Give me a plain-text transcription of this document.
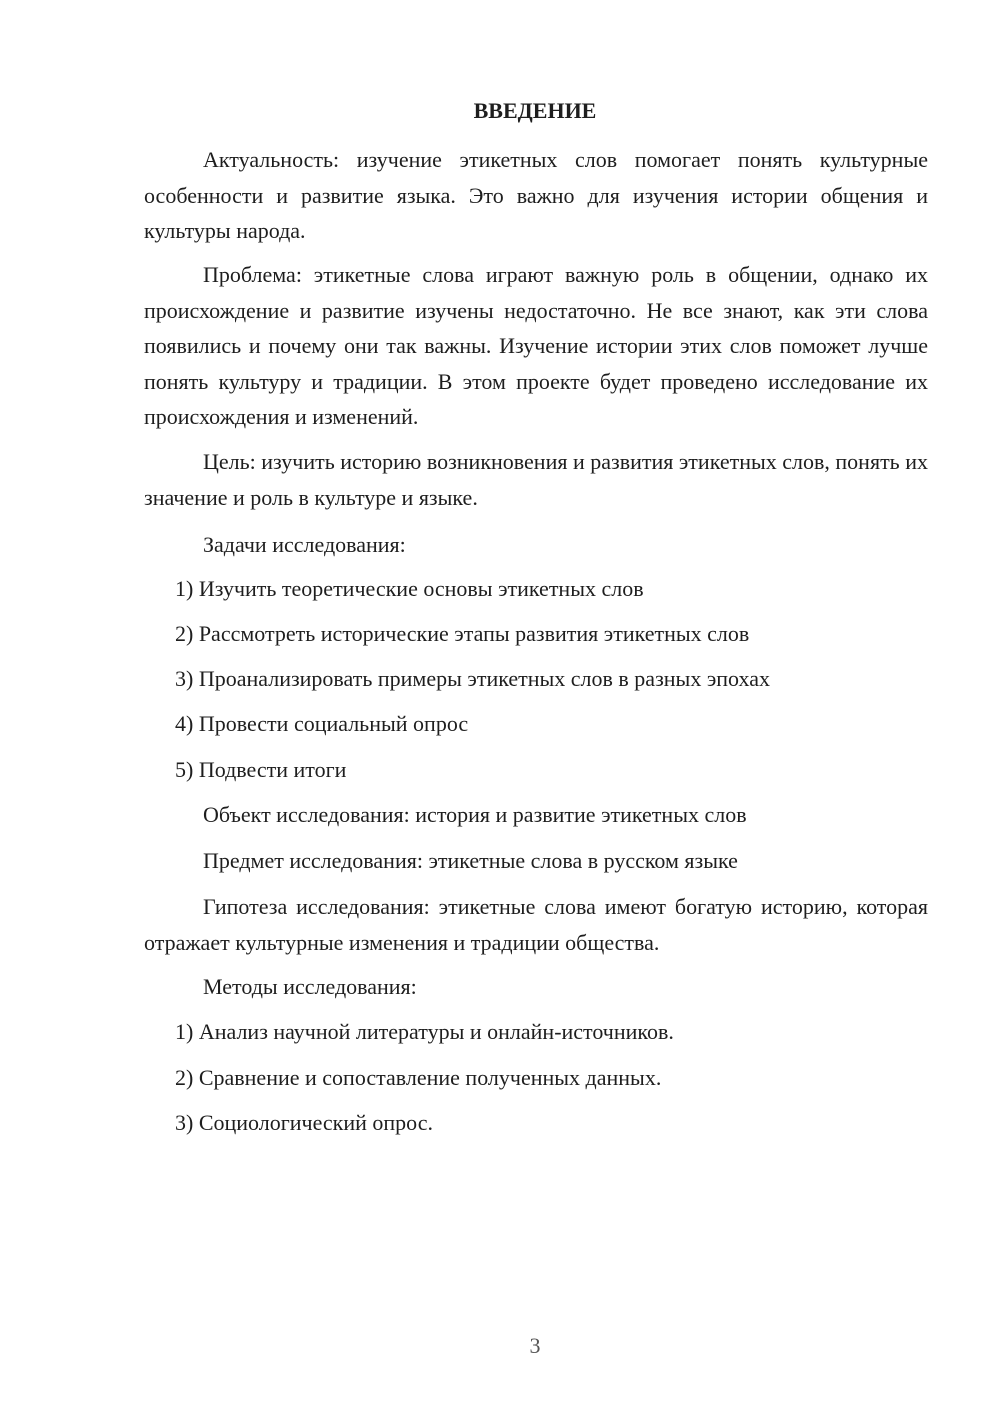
ВВЕДЕНИЕ

Актуальность: изучение этикетных слов помогает понять культурные особенности и развитие языка. Это важно для изучения истории общения и культуры народа.

Проблема: этикетные слова играют важную роль в общении, однако их происхождение и развитие изучены недостаточно. Не все знают, как эти слова появились и почему они так важны. Изучение истории этих слов поможет лучше понять культуру и традиции. В этом проекте будет проведено исследование их происхождения и изменений.

Цель: изучить историю возникновения и развития этикетных слов, понять их значение и роль в культуре и языке.

Задачи исследования:

1) Изучить теоретические основы этикетных слов

2) Рассмотреть исторические этапы развития этикетных слов

3) Проанализировать примеры этикетных слов в разных эпохах

4) Провести социальный опрос

5) Подвести итоги

Объект исследования: история и развитие этикетных слов

Предмет исследования: этикетные слова в русском языке

Гипотеза исследования: этикетные слова имеют богатую историю, которая отражает культурные изменения и традиции общества.

Методы исследования:

1) Анализ научной литературы и онлайн-источников.

2) Сравнение и сопоставление полученных данных.

3) Социологический опрос.

3
